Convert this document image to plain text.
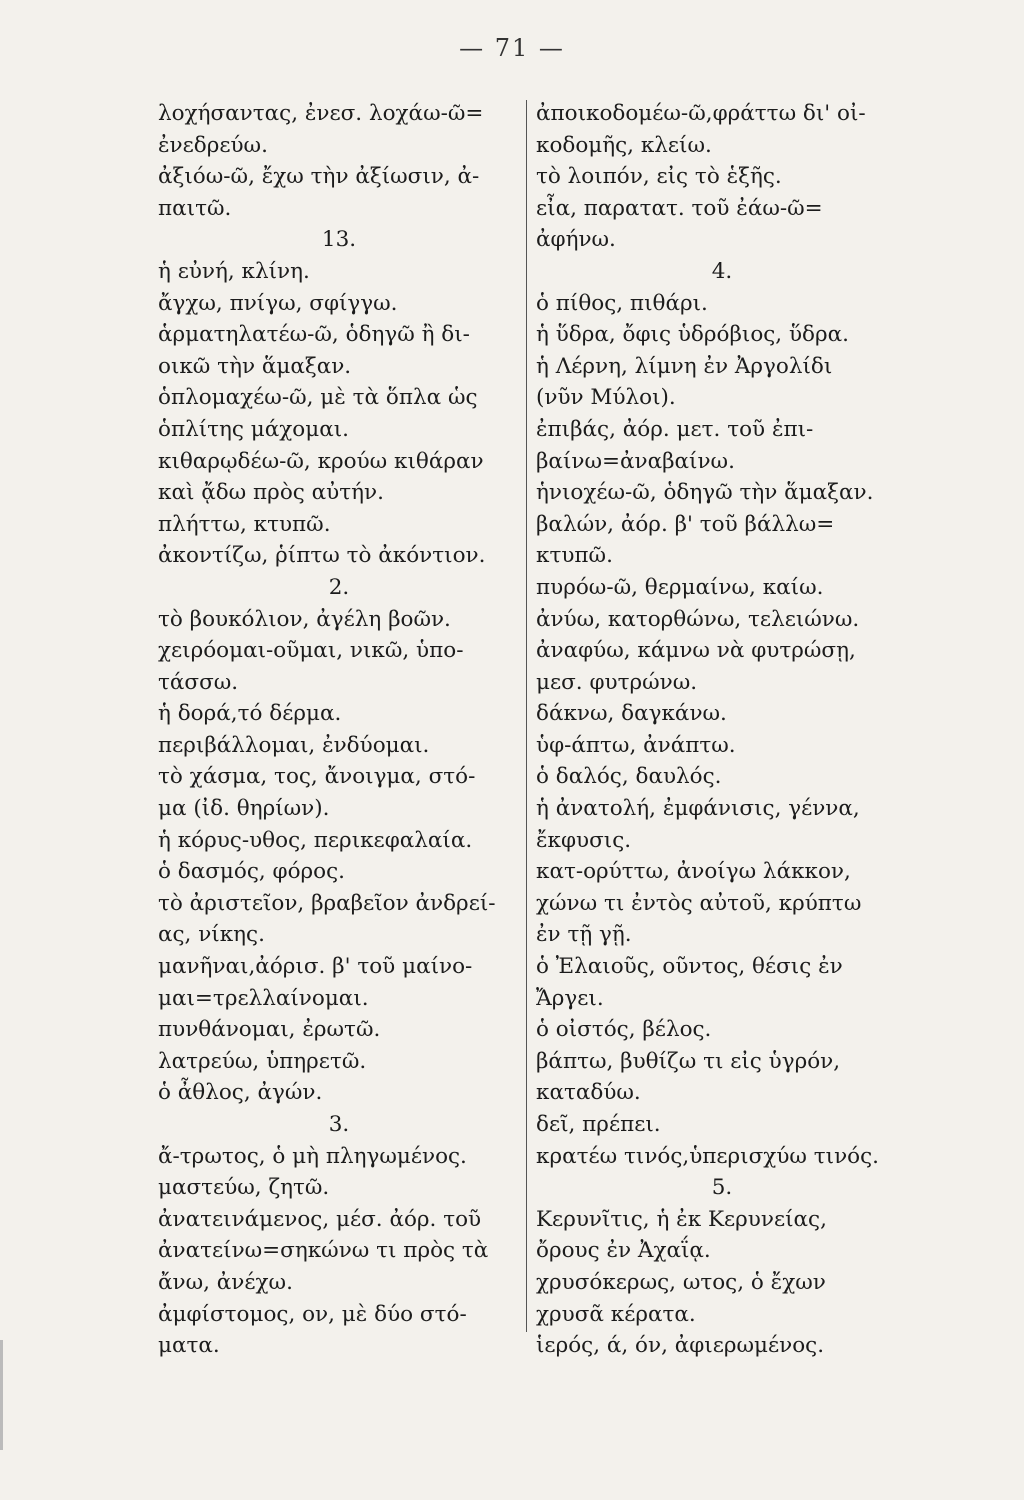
— 71 —
λοχήσαντας, ἐνεσ. λοχάω-ῶ=
ἐνεδρεύω.
ἀξιόω-ῶ, ἔχω τὴν ἀξίωσιν, ἀ-
παιτῶ.
13.
ἡ εὐνή, κλίνη.
ἄγχω, πνίγω, σφίγγω.
ἁρματηλατέω-ῶ, ὁδηγῶ ἢ δι-
οικῶ τὴν ἅμαξαν.
ὁπλομαχέω-ῶ, μὲ τὰ ὅπλα ὡς
ὁπλίτης μάχομαι.
κιθαρῳδέω-ῶ, κρούω κιθάραν
καὶ ᾄδω πρὸς αὐτήν.
πλήττω, κτυπῶ.
ἀκοντίζω, ῥίπτω τὸ ἀκόντιον.
2.
τὸ βουκόλιον, ἀγέλη βοῶν.
χειρόομαι-οῦμαι, νικῶ, ὑπο-
τάσσω.
ἡ δορά,τό δέρμα.
περιβάλλομαι, ἐνδύομαι.
τὸ χάσμα, τος, ἄνοιγμα, στό-
μα (ἰδ. θηρίων).
ἡ κόρυς-υθος, περικεφαλαία.
ὁ δασμός, φόρος.
τὸ ἀριστεῖον, βραβεῖον ἀνδρεί-
ας, νίκης.
μανῆναι,ἀόρισ. β' τοῦ μαίνο-
μαι=τρελλαίνομαι.
πυνθάνομαι, ἐρωτῶ.
λατρεύω, ὑπηρετῶ.
ὁ ἆθλος, ἀγών.
3.
ἄ-τρωτος, ὁ μὴ πληγωμένος.
μαστεύω, ζητῶ.
ἀνατεινάμενος, μέσ. ἀόρ. τοῦ
ἀνατείνω=σηκώνω τι πρὸς τὰ
ἄνω, ἀνέχω.
ἀμφίστομος, ον, μὲ δύο στό-
ματα.
ἀποικοδομέω-ῶ,φράττω δι' οἰ-
κοδομῆς, κλείω.
τὸ λοιπόν, εἰς τὸ ἑξῆς.
εἶα, παρατατ. τοῦ ἐάω-ῶ=
ἀφήνω.
4.
ὁ πίθος, πιθάρι.
ἡ ὕδρα, ὄφις ὑδρόβιος, ὕδρα.
ἡ Λέρνη, λίμνη ἐν Ἀργολίδι
(νῦν Μύλοι).
ἐπιβάς, ἀόρ. μετ. τοῦ ἐπι-
βαίνω=ἀναβαίνω.
ἡνιοχέω-ῶ, ὁδηγῶ τὴν ἅμαξαν.
βαλών, ἀόρ. β' τοῦ βάλλω=
κτυπῶ.
πυρόω-ῶ, θερμαίνω, καίω.
ἀνύω, κατορθώνω, τελειώνω.
ἀναφύω, κάμνω νὰ φυτρώσῃ,
μεσ. φυτρώνω.
δάκνω, δαγκάνω.
ὑφ-άπτω, ἀνάπτω.
ὁ δαλός, δαυλός.
ἡ ἀνατολή, ἐμφάνισις, γέννα,
ἔκφυσις.
κατ-ορύττω, ἀνοίγω λάκκον,
χώνω τι ἐντὸς αὐτοῦ, κρύπτω
ἐν τῇ γῇ.
ὁ Ἐλαιοῦς, οῦντος, θέσις ἐν
Ἄργει.
ὁ οἰστός, βέλος.
βάπτω, βυθίζω τι εἰς ὑγρόν,
καταδύω.
δεῖ, πρέπει.
κρατέω τινός,ὑπερισχύω τινός.
5.
Κερυνῖτις, ἡ ἐκ Κερυνείας,
ὄρους ἐν Ἀχαΐᾳ.
χρυσόκερως, ωτος, ὁ ἔχων
χρυσᾶ κέρατα.
ἱερός, ά, όν, ἀφιερωμένος.
